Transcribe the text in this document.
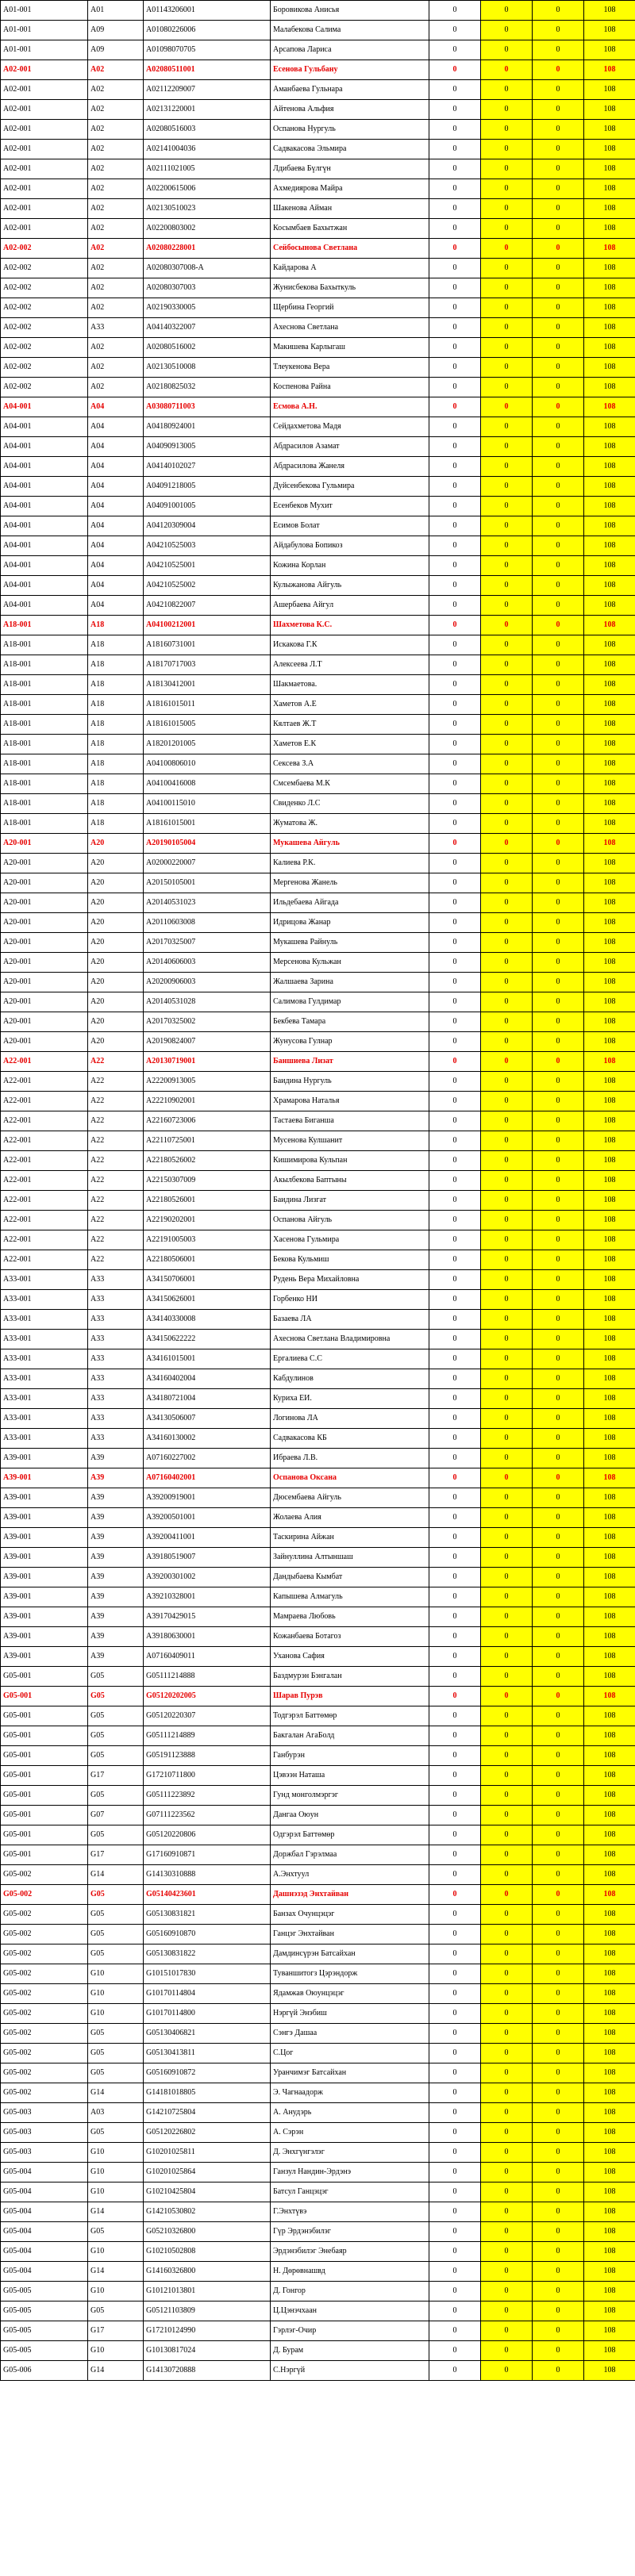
A01-001	A01	A01143206001	Боровикова Анисья	0	0	0	108
A01-001	A09	A01080226006	Малабекова Салима	0	0	0	108
A01-001	A09	A01098070705	Арсапова Лариса	0	0	0	108
A02-001	A02	A02080511001	Есенова Гульбану	0	0	0	108
A02-001	A02	A02112209007	Аманбаева Гульнара	0	0	0	108
A02-001	A02	A02131220001	Айтенова Альфия	0	0	0	108
A02-001	A02	A02080516003	Оспанова Нургуль	0	0	0	108
A02-001	A02	A02141004036	Садвакасова Эльмира	0	0	0	108
A02-001	A02	A02111021005	Лдибаева Бүлгүн	0	0	0	108
A02-001	A02	A02200615006	Ахмедиярова Майра	0	0	0	108
A02-001	A02	A02130510023	Шакенова Айман	0	0	0	108
A02-001	A02	A02200803002	Косымбаев Бахытжан	0	0	0	108
A02-002	A02	A02080228001	Сейбосынова Светлана	0	0	0	108
A02-002	A02	A02080307008-A	Кайдарова А	0	0	0	108
A02-002	A02	A02080307003	Жунисбекова Бахыткуль	0	0	0	108
A02-002	A02	A02190330005	Щербина Георгий	0	0	0	108
A02-002	A33	A04140322007	Ахеснова Светлана	0	0	0	108
A02-002	A02	A02080516002	Макишева Карлыгаш	0	0	0	108
A02-002	A02	A02130510008	Тлеукенова Вера	0	0	0	108
A02-002	A02	A02180825032	Коспенова Райна	0	0	0	108
A04-001	A04	A03080711003	Есмова А.Н.	0	0	0	108
A04-001	A04	A04180924001	Сейдахметова Мадя	0	0	0	108
A04-001	A04	A04090913005	Абдрасилов Азамат	0	0	0	108
A04-001	A04	A04140102027	Абдрасилова Жанеля	0	0	0	108
A04-001	A04	A04091218005	Дуйсенбекова Гульмира	0	0	0	108
A04-001	A04	A04091001005	Есенбеков Мухит	0	0	0	108
A04-001	A04	A04120309004	Есимов Болат	0	0	0	108
A04-001	A04	A04210525003	Айдабулова Бопикоз	0	0	0	108
A04-001	A04	A04210525001	Кожина Корлан	0	0	0	108
A04-001	A04	A04210525002	Кулыжанова Айгуль	0	0	0	108
A04-001	A04	A04210822007	Ашербаева Айгул	0	0	0	108
A18-001	A18	A04100212001	Шахметова К.С.	0	0	0	108
A18-001	A18	A18160731001	Искакова Г.К	0	0	0	108
A18-001	A18	A18170717003	Алексеева Л.Т	0	0	0	108
A18-001	A18	A18130412001	Шакмаетова.	0	0	0	108
A18-001	A18	A18161015011	Хаметов А.Е	0	0	0	108
A18-001	A18	A18161015005	Кялтаев Ж.Т	0	0	0	108
A18-001	A18	A18201201005	Хаметов Е.К	0	0	0	108
A18-001	A18	A04100806010	Сексева З.А	0	0	0	108
A18-001	A18	A04100416008	Смсембаева М.К	0	0	0	108
A18-001	A18	A04100115010	Свиденко Л.С	0	0	0	108
A18-001	A18	A18161015001	Жуматова Ж.	0	0	0	108
A20-001	A20	A20190105004	Мукашева Айгуль	0	0	0	108
A20-001	A20	A02000220007	Калиева Р.К.	0	0	0	108
A20-001	A20	A20150105001	Мергенова Жанель	0	0	0	108
A20-001	A20	A20140531023	Ильдебаева Айгада	0	0	0	108
A20-001	A20	A20110603008	Идрицова Жанар	0	0	0	108
A20-001	A20	A20170325007	Мукашева Райнуль	0	0	0	108
A20-001	A20	A20140606003	Мерсенова Кульжан	0	0	0	108
A20-001	A20	A20200906003	Жалшаева Зарина	0	0	0	108
A20-001	A20	A20140531028	Салимова Гулдимар	0	0	0	108
A20-001	A20	A20170325002	Бекбева Тамара	0	0	0	108
A20-001	A20	A20190824007	Жунусова Гулнар	0	0	0	108
A22-001	A22	A20130719001	Баншиева Лизат	0	0	0	108
A22-001	A22	A22200913005	Баидина Нургуль	0	0	0	108
A22-001	A22	A22210902001	Храмарова Наталья	0	0	0	108
A22-001	A22	A22160723006	Тастаева Биганша	0	0	0	108
A22-001	A22	A22110725001	Мусенова Кулшанит	0	0	0	108
A22-001	A22	A22180526002	Кишимирова Кульпан	0	0	0	108
A22-001	A22	A22150307009	Акылбекова Баптыны	0	0	0	108
A22-001	A22	A22180526001	Баидина Лизгат	0	0	0	108
A22-001	A22	A22190202001	Оспанова Айгуль	0	0	0	108
A22-001	A22	A22191005003	Хасенова Гульмира	0	0	0	108
A22-001	A22	A22180506001	Бекова Кульмиш	0	0	0	108
A33-001	A33	A34150706001	Рудень Вера Михайловна	0	0	0	108
A33-001	A33	A34150626001	Горбенко НИ	0	0	0	108
A33-001	A33	A34140330008	Базаева ЛА	0	0	0	108
A33-001	A33	A34150622222	Ахеснова Светлана Владимировна	0	0	0	108
A33-001	A33	A34161015001	Ергалиева С.С	0	0	0	108
A33-001	A33	A34160402004	Кабдулинов	0	0	0	108
A33-001	A33	A34180721004	Куриха ЕИ.	0	0	0	108
A33-001	A33	A34130506007	Логинова ЛА	0	0	0	108
A33-001	A33	A34160130002	Садвакасова КБ	0	0	0	108
A39-001	A39	A07160227002	Ибраева Л.В.	0	0	0	108
A39-001	A39	A07160402001	Оспанова Оксана	0	0	0	108
A39-001	A39	A39200919001	Дюсембаева Айгуль	0	0	0	108
A39-001	A39	A39200501001	Жолаева Алия	0	0	0	108
A39-001	A39	A39200411001	Таскирина Айжан	0	0	0	108
A39-001	A39	A39180519007	Зайнуллина Алтыншаш	0	0	0	108
A39-001	A39	A39200301002	Дандыбаева Кымбат	0	0	0	108
A39-001	A39	A39210328001	Капышева Алмагуль	0	0	0	108
A39-001	A39	A39170429015	Мамраева Любовь	0	0	0	108
A39-001	A39	A39180630001	Кожанбаева Ботагоз	0	0	0	108
A39-001	A39	A07160409011	Уханова Сафия	0	0	0	108
G05-001	G05	G05111214888	Баздмурэн Бэнгалан	0	0	0	108
G05-001	G05	G05120202005	Шарав Пурэв	0	0	0	108
G05-001	G05	G05120220307	Тодгэрэл Баттөмөр	0	0	0	108
G05-001	G05	G05111214889	Бакгалан АгаБолд	0	0	0	108
G05-001	G05	G05191123888	Ганбурэн	0	0	0	108
G05-001	G17	G17210711800	Цэвээн Наташа	0	0	0	108
G05-001	G05	G05111223892	Гунд монголмэргэг	0	0	0	108
G05-001	G07	G07111223562	Дангаа Оюун	0	0	0	108
G05-001	G05	G05120220806	Одгэрэл Баттөмөр	0	0	0	108
G05-001	G17	G17160910871	Доржбал Гэрэлмаа	0	0	0	108
G05-002	G14	G14130310888	А.Энхтуул	0	0	0	108
G05-002	G05	G05140423601	Дашнэзэд Энхтайван	0	0	0	108
G05-002	G05	G05130831821	Банзах Очунцэцэг	0	0	0	108
G05-002	G05	G05160910870	Ганцэг Энхтайван	0	0	0	108
G05-002	G05	G05130831822	Дамдинсүрэн Батсайхан	0	0	0	108
G05-002	G10	G10151017830	Туваншитогз Цэрэндорж	0	0	0	108
G05-002	G10	G10170114804	Ядамжав Оюунцэцэг	0	0	0	108
G05-002	G10	G10170114800	Нэргүй Энэбиш	0	0	0	108
G05-002	G05	G05130406821	Сэнгэ Дашаа	0	0	0	108
G05-002	G05	G05130413811	С.Цог	0	0	0	108
G05-002	G05	G05160910872	Уранчимэг Батсайхан	0	0	0	108
G05-002	G14	G14181018805	Э. Чагнаадорж	0	0	0	108
G05-003	A03	G14210725804	А. Анудэрь	0	0	0	108
G05-003	G05	G05120226802	А. Сэрэн	0	0	0	108
G05-003	G10	G10201025811	Д. Энхгүнгэлэг	0	0	0	108
G05-004	G10	G10201025864	Ганзул Нандин-Эрдэнэ	0	0	0	108
G05-004	G10	G10210425804	Батсул Ганцэцэг	0	0	0	108
G05-004	G14	G14210530802	Г.Энхтүвэ	0	0	0	108
G05-004	G05	G05210326800	Гүр Эрдэнэбилэг	0	0	0	108
G05-004	G10	G10210502808	Эрдэнэбилэг Энебаяр	0	0	0	108
G05-004	G14	G14160326800	Н. Дөрөвнашвд	0	0	0	108
G05-005	G10	G10121013801	Д. Гонгор	0	0	0	108
G05-005	G05	G05121103809	Ц.Цэнэчхаан	0	0	0	108
G05-005	G17	G17210124990	Гэрлэг-Очир	0	0	0	108
G05-005	G10	G10130817024	Д. Бурам	0	0	0	108
G05-006	G14	G14130720888	С.Нэргүй	0	0	0	108
